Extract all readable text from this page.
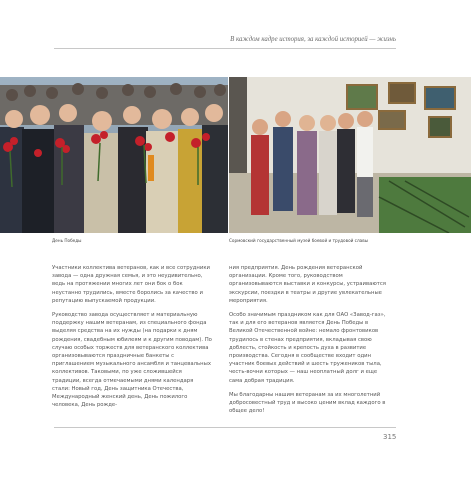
В каждом кадре история, за каждой историей — жизнь
День Победы	Сормовский государственный музей боевой и трудовой славы

Участники коллектива ветеранов, как и все сотрудники завода — одна дружная семья, и это неудивительно, ведь на протяжении многих лет они бок о бок неустанно трудились, вместе боролись за качество и репутацию выпускаемой продукции.

Руководство завода осуществляет и материальную поддержку нашим ветеранам, из специального фонда выделяя средства на их нужды (на подарки к дням рождения, свадебным юбилеям и к другим поводам). По случаю особых торжеств для ветеранского коллектива организовываются праздничные банкеты с приглашением музыкального ансамбля и танцевальных коллективов. Таковыми, по уже сложившейся традиции, всегда отмечаемыми днями календаря стали: Новый год, День защитника Отечества, Международный женский день, День пожилого человека, День рожде-

ния предприятия. День рождения ветеранской организации. Кроме того, руководством организовываются выставки и конкурсы, устраиваются экскурсии, поездки в театры и другие увлекательные мероприятия.

Особо значимым праздником как для ОАО «Завод-газ», так и для его ветеранов является День Победы в Великой Отечественной войне: немало фронтовиков трудилось в стенах предприятия, вкладывая свою доблесть, стойкость и крепость духа в развитие производства. Сегодня в сообществе входит один участник боевых действий и шесть тружеников тыла, честь-вочни которых — наш неоплатный долг и еще сама добрая традиция.

Мы благодарны нашим ветеранам за их многолетний добросовестный труд и высоко ценим вклад каждого в общее дело!

315
